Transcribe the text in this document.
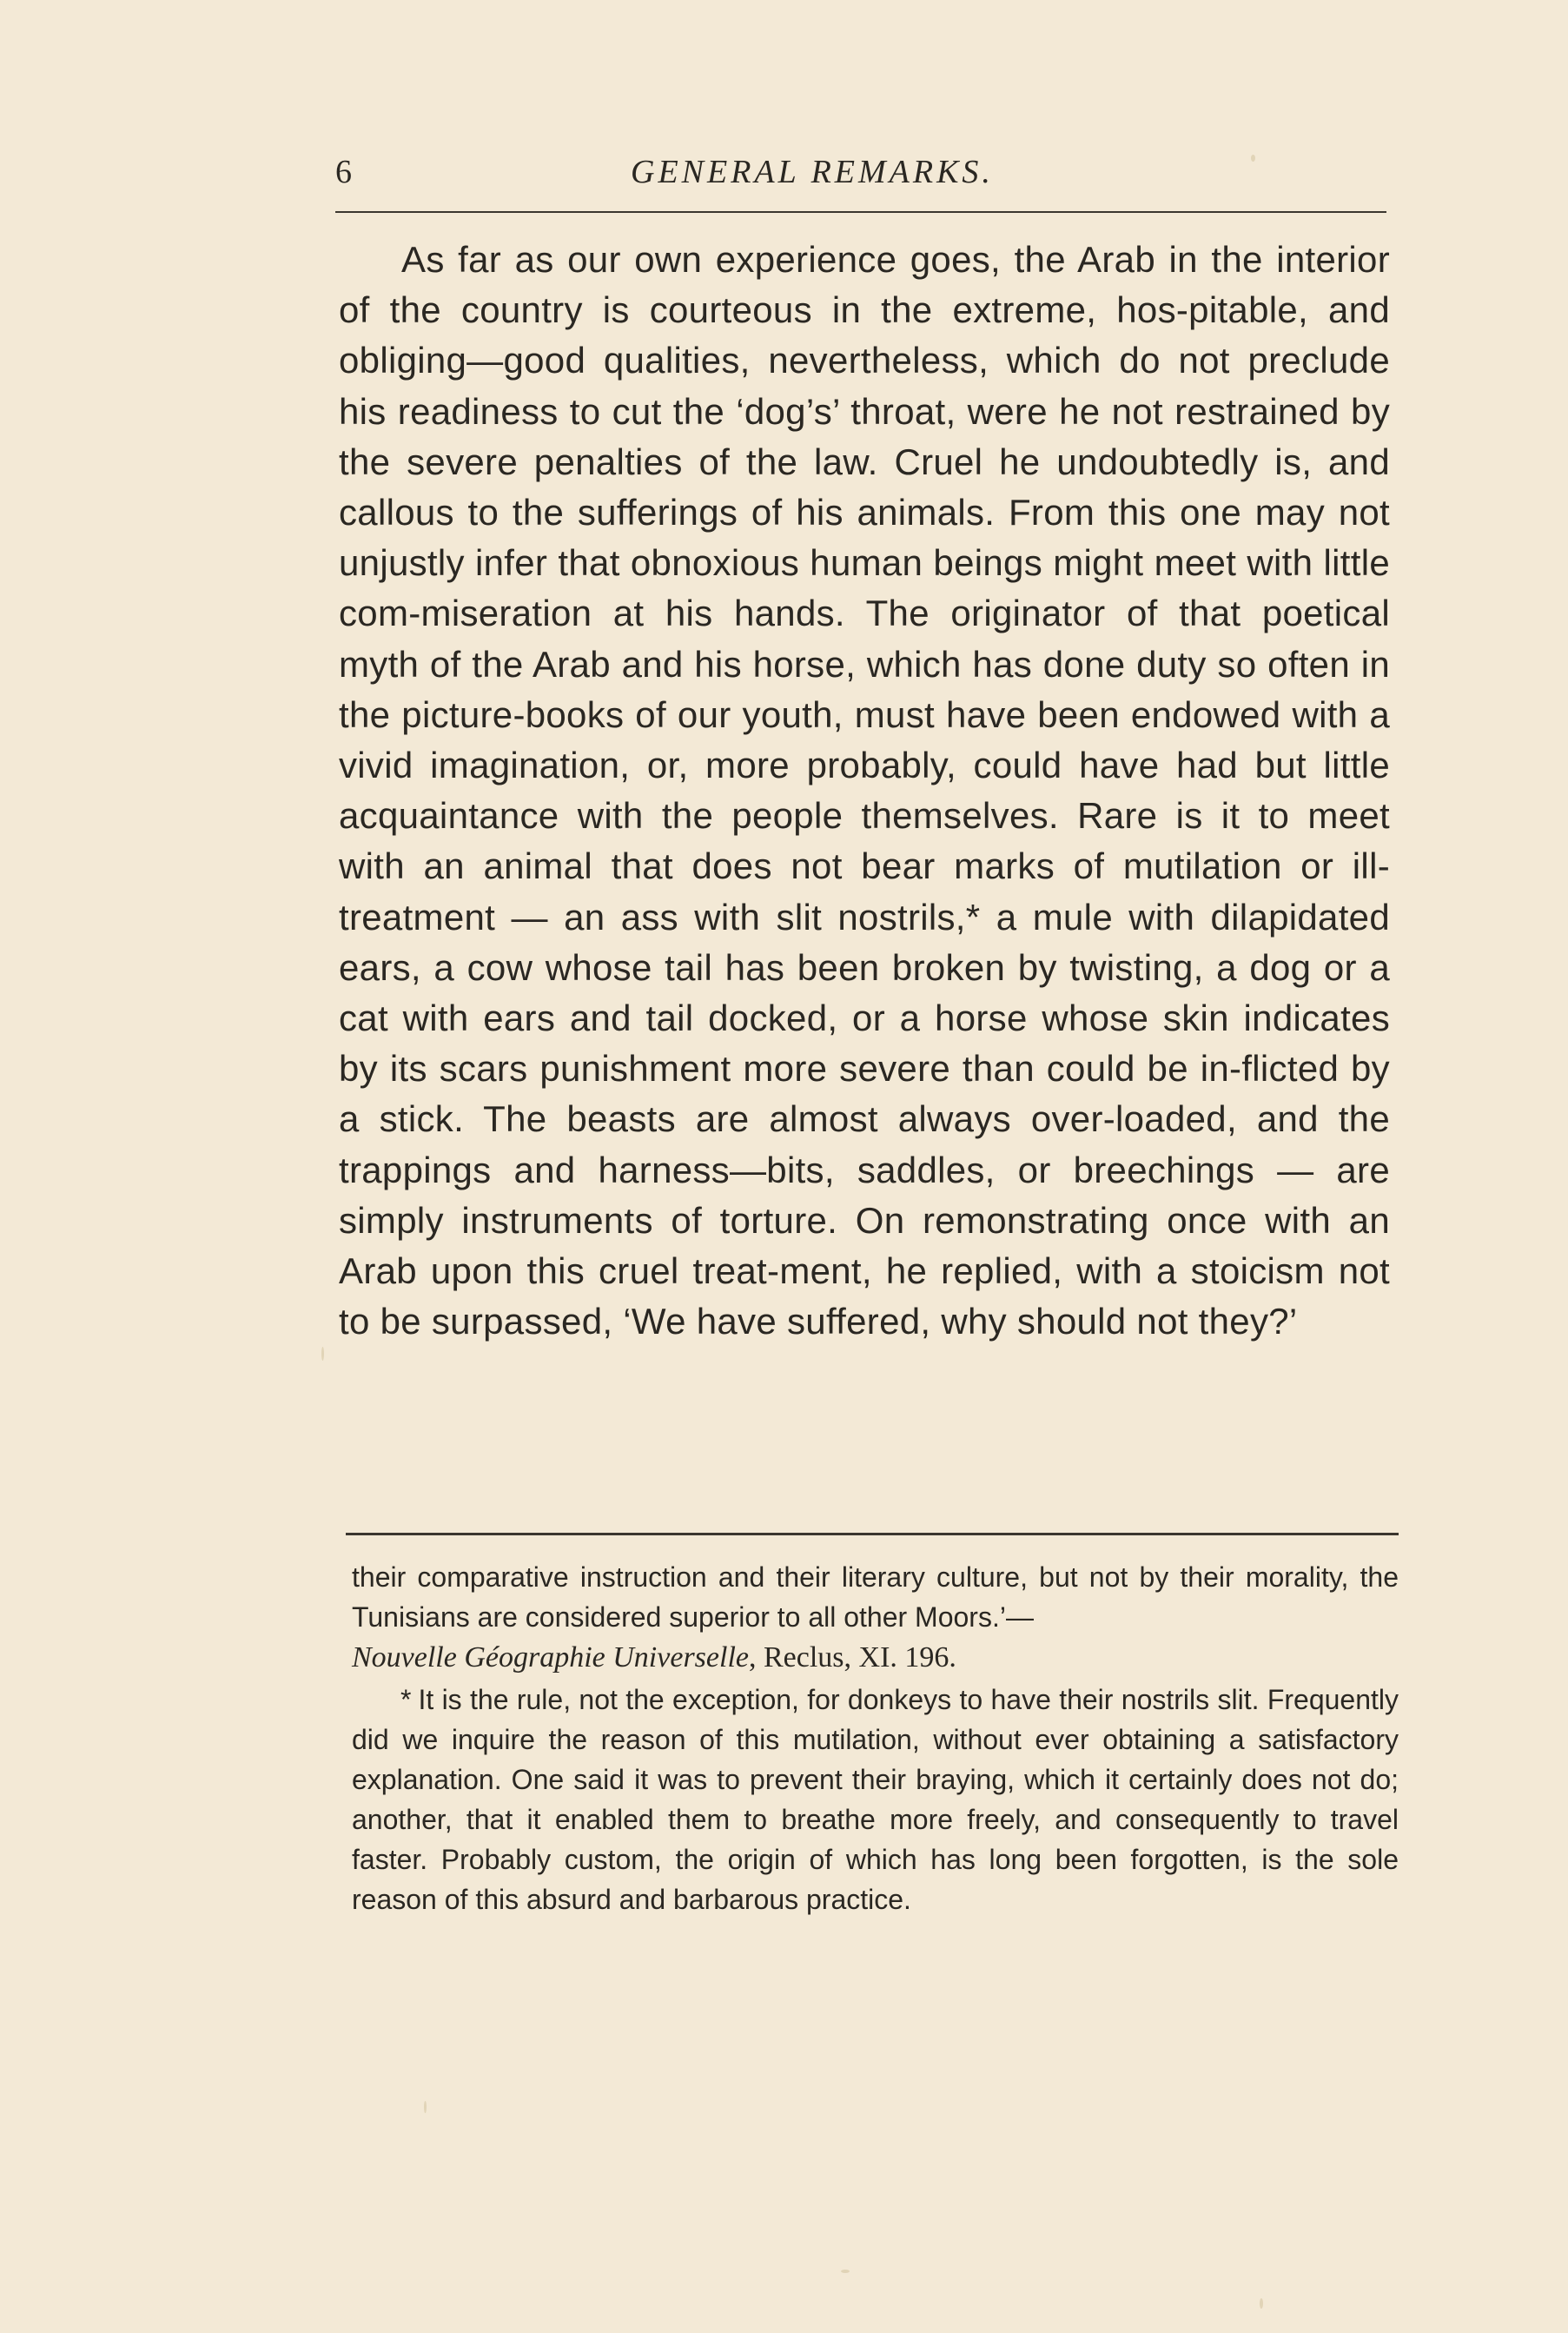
6	GENERAL REMARKS.

As far as our own experience goes, the Arab in the interior of the country is courteous in the extreme, hos-pitable, and obliging—good qualities, nevertheless, which do not preclude his readiness to cut the ‘dog’s’ throat, were he not restrained by the severe penalties of the law. Cruel he undoubtedly is, and callous to the sufferings of his animals. From this one may not unjustly infer that obnoxious human beings might meet with little com-miseration at his hands. The originator of that poetical myth of the Arab and his horse, which has done duty so often in the picture-books of our youth, must have been endowed with a vivid imagination, or, more probably, could have had but little acquaintance with the people themselves. Rare is it to meet with an animal that does not bear marks of mutilation or ill-treatment — an ass with slit nostrils,* a mule with dilapidated ears, a cow whose tail has been broken by twisting, a dog or a cat with ears and tail docked, or a horse whose skin indicates by its scars punishment more severe than could be in-flicted by a stick. The beasts are almost always over-loaded, and the trappings and harness—bits, saddles, or breechings — are simply instruments of torture. On remonstrating once with an Arab upon this cruel treat-ment, he replied, with a stoicism not to be surpassed, ‘We have suffered, why should not they?’

their comparative instruction and their literary culture, but not by their morality, the Tunisians are considered superior to all other Moors.’—
Nouvelle Géographie Universelle, Reclus, XI. 196.

* It is the rule, not the exception, for donkeys to have their nostrils slit. Frequently did we inquire the reason of this mutilation, without ever obtaining a satisfactory explanation. One said it was to prevent their braying, which it certainly does not do; another, that it enabled them to breathe more freely, and consequently to travel faster. Probably custom, the origin of which has long been forgotten, is the sole reason of this absurd and barbarous practice.
